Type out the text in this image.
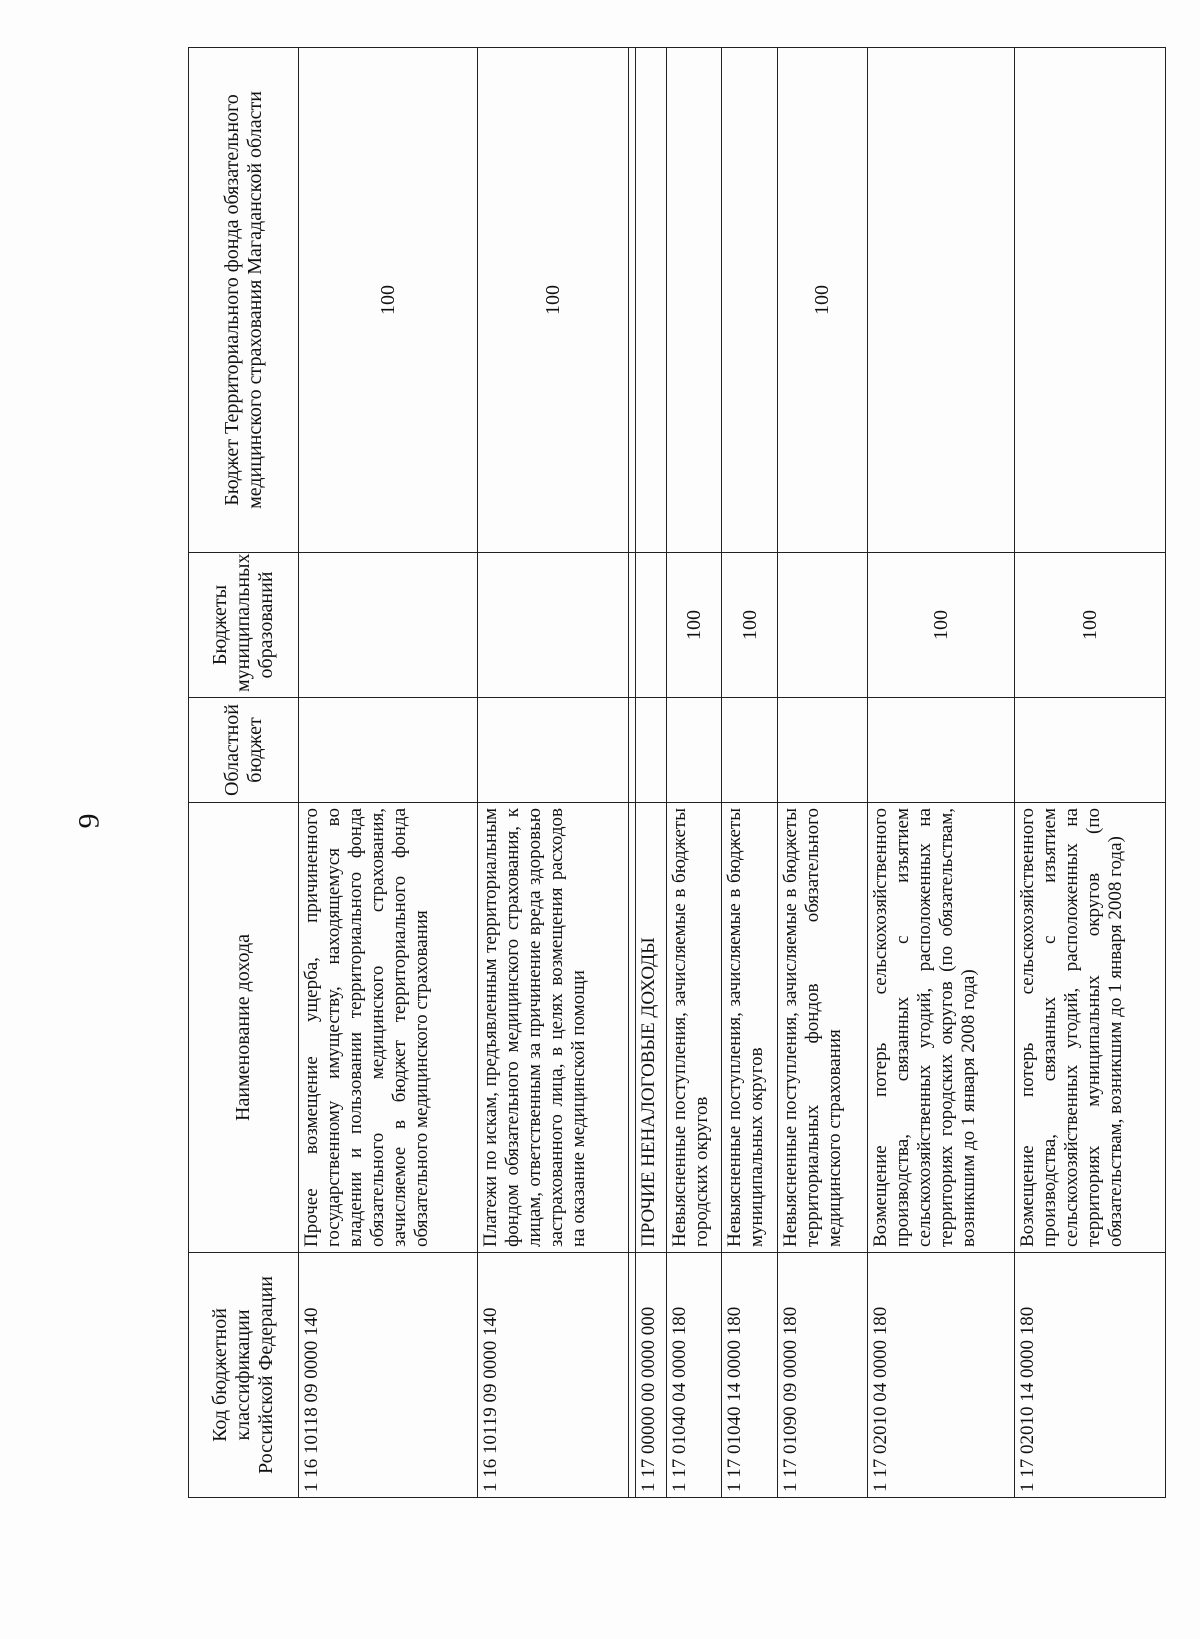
9
Код бюджетной классификации Российской Федерации	Наименование дохода	Областной бюджет	Бюджеты муниципальных образований	Бюджет Территориального фонда обязательного медицинского страхования Магаданской области
1 16 10118 09 0000 140	Прочее возмещение ущерба, причиненного государственному имуществу, находящемуся во владении и пользовании территориального фонда обязательного медицинского страхования, зачисляемое в бюджет территориального фонда обязательного медицинского страхования			100
1 16 10119 09 0000 140	Платежи по искам, предъявленным территориальным фондом обязательного медицинского страхования, к лицам, ответственным за причинение вреда здоровью застрахованного лица, в целях возмещения расходов на оказание медицинской помощи			100

1 17 00000 00 0000 000	ПРОЧИЕ НЕНАЛОГОВЫЕ ДОХОДЫ			
1 17 01040 04 0000 180	Невыясненные поступления, зачисляемые в бюджеты городских округов		100	
1 17 01040 14 0000 180	Невыясненные поступления, зачисляемые в бюджеты муниципальных округов		100	
1 17 01090 09 0000 180	Невыясненные поступления, зачисляемые в бюджеты территориальных фондов обязательного медицинского страхования			100
1 17 02010 04 0000 180	Возмещение потерь сельскохозяйственного производства, связанных с изъятием сельскохозяйственных угодий, расположенных на территориях городских округов (по обязательствам, возникшим до 1 января 2008 года)		100	
1 17 02010 14 0000 180	Возмещение потерь сельскохозяйственного производства, связанных с изъятием сельскохозяйственных угодий, расположенных на территориях муниципальных округов (по обязательствам, возникшим до 1 января 2008 года)		100	
